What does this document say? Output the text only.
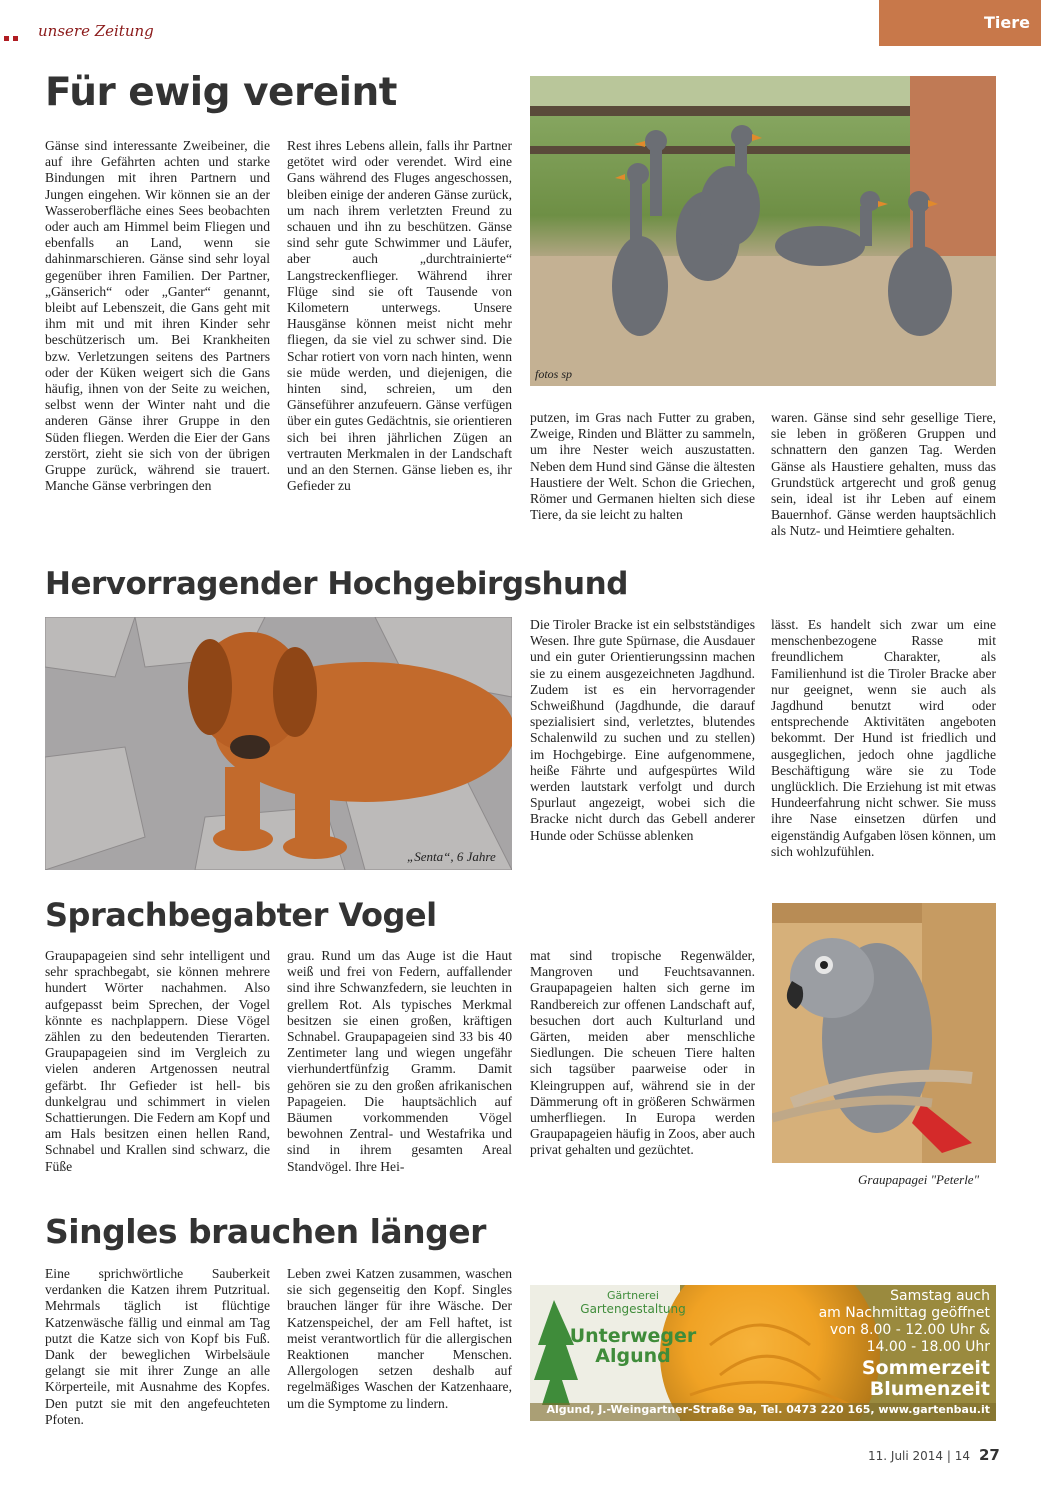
unsere Zeitung	Tiere
Für ewig vereint
Gänse sind interessante Zweibeiner, die auf ihre Gefährten achten und starke Bindungen mit ihren Partnern und Jungen eingehen. Wir können sie an der Wasseroberfläche eines Sees beobachten oder auch am Himmel beim Fliegen und ebenfalls an Land, wenn sie dahinmarschieren. Gänse sind sehr loyal gegenüber ihren Familien. Der Partner, „Gänserich“ oder „Ganter“ genannt, bleibt auf Lebenszeit, die Gans geht mit ihm mit und mit ihren Kinder sehr beschützerisch um. Bei Krankheiten bzw. Verletzungen seitens des Partners oder der Küken weigert sich die Gans häufig, ihnen von der Seite zu weichen, selbst wenn der Winter naht und die anderen Gänse ihrer Gruppe in den Süden fliegen. Werden die Eier der Gans zerstört, zieht sie sich von der übrigen Gruppe zurück, während sie trauert. Manche Gänse verbringen den
Rest ihres Lebens allein, falls ihr Partner getötet wird oder verendet. Wird eine Gans während des Fluges angeschossen, bleiben einige der anderen Gänse zurück, um nach ihrem verletzten Freund zu schauen und ihn zu beschützen. Gänse sind sehr gute Schwimmer und Läufer, aber auch „durchtrainierte“ Langstreckenflieger. Während ihrer Flüge sind sie oft Tausende von Kilometern unterwegs. Unsere Hausgänse können meist nicht mehr fliegen, da sie viel zu schwer sind. Die Schar rotiert von vorn nach hinten, wenn sie müde werden, und diejenigen, die hinten sind, schreien, um den Gänseführer anzufeuern. Gänse verfügen über ein gutes Gedächtnis, sie orientieren sich bei ihren jährlichen Zügen an vertrauten Merkmalen in der Landschaft und an den Sternen. Gänse lieben es, ihr Gefieder zu
fotos sp
putzen, im Gras nach Futter zu graben, Zweige, Rinden und Blätter zu sammeln, um ihre Nester weich auszustatten. Neben dem Hund sind Gänse die ältesten Haustiere der Welt. Schon die Griechen, Römer und Germanen hielten sich diese Tiere, da sie leicht zu halten
waren. Gänse sind sehr gesellige Tiere, sie leben in größeren Gruppen und schnattern den ganzen Tag. Werden Gänse als Haustiere gehalten, muss das Grundstück artgerecht und groß genug sein, ideal ist ihr Leben auf einem Bauernhof. Gänse werden hauptsächlich als Nutz- und Heimtiere gehalten.
Hervorragender Hochgebirgshund
„Senta“, 6 Jahre
Die Tiroler Bracke ist ein selbstständiges Wesen. Ihre gute Spürnase, die Ausdauer und ein guter Orientierungssinn machen sie zu einem ausgezeichneten Jagdhund. Zudem ist es ein hervorragender Schweißhund (Jagdhunde, die darauf spezialisiert sind, verletztes, blutendes Schalenwild zu suchen und zu stellen) im Hochgebirge. Eine aufgenommene, heiße Fährte und aufgespürtes Wild werden lautstark verfolgt und durch Spurlaut angezeigt, wobei sich die Bracke nicht durch das Gebell anderer Hunde oder Schüsse ablenken
lässt. Es handelt sich zwar um eine menschenbezogene Rasse mit freundlichem Charakter, als Familienhund ist die Tiroler Bracke aber nur geeignet, wenn sie auch als Jagdhund benutzt wird oder entsprechende Aktivitäten angeboten bekommt. Der Hund ist friedlich und ausgeglichen, jedoch ohne jagdliche Beschäftigung wäre sie zu Tode unglücklich. Die Erziehung ist mit etwas Hundeerfahrung nicht schwer. Sie muss ihre Nase einsetzen dürfen und eigenständig Aufgaben lösen können, um sich wohlzufühlen.
Sprachbegabter Vogel
Graupapageien sind sehr intelligent und sehr sprachbegabt, sie können mehrere hundert Wörter nachahmen. Also aufgepasst beim Sprechen, der Vogel könnte es nachplappern. Diese Vögel zählen zu den bedeutenden Tierarten. Graupapageien sind im Vergleich zu vielen anderen Artgenossen neutral gefärbt. Ihr Gefieder ist hell- bis dunkelgrau und schimmert in vielen Schattierungen. Die Federn am Kopf und am Hals besitzen einen hellen Rand, Schnabel und Krallen sind schwarz, die Füße
grau. Rund um das Auge ist die Haut weiß und frei von Federn, auffallender sind ihre Schwanzfedern, sie leuchten in grellem Rot. Als typisches Merkmal besitzen sie einen großen, kräftigen Schnabel. Graupapageien sind 33 bis 40 Zentimeter lang und wiegen ungefähr vierhundertfünfzig Gramm. Damit gehören sie zu den großen afrikanischen Papageien. Die hauptsächlich auf Bäumen vorkommenden Vögel bewohnen Zentral- und Westafrika und sind in ihrem gesamten Areal Standvögel. Ihre Hei-
mat sind tropische Regenwälder, Mangroven und Feuchtsavannen. Graupapageien halten sich gerne im Randbereich zur offenen Landschaft auf, besuchen dort auch Kulturland und Gärten, meiden aber menschliche Siedlungen. Die scheuen Tiere halten sich tagsüber paarweise oder in Kleingruppen auf, während sie in der Dämmerung oft in größeren Schwärmen umherfliegen. In Europa werden Graupapageien häufig in Zoos, aber auch privat gehalten und gezüchtet.
Graupapagei "Peterle"
Singles brauchen länger
Eine sprichwörtliche Sauberkeit verdanken die Katzen ihrem Putzritual. Mehrmals täglich ist flüchtige Katzenwäsche fällig und einmal am Tag putzt die Katze sich von Kopf bis Fuß. Dank der beweglichen Wirbelsäule gelangt sie mit ihrer Zunge an alle Körperteile, mit Ausnahme des Kopfes. Den putzt sie mit den angefeuchteten Pfoten.
Leben zwei Katzen zusammen, waschen sie sich gegenseitig den Kopf. Singles brauchen länger für ihre Wäsche. Der Katzenspeichel, der am Fell haftet, ist meist verantwortlich für die allergischen Reaktionen mancher Menschen. Allergologen setzen deshalb auf regelmäßiges Waschen der Katzenhaare, um die Symptome zu lindern.
Gärtnerei
Gartengestaltung
Unterweger
Algund
Samstag auch
am Nachmittag geöffnet
von 8.00 - 12.00 Uhr &
14.00 - 18.00 Uhr
Sommerzeit
Blumenzeit
Algund, J.-Weingartner-Straße 9a, Tel. 0473 220 165, www.gartenbau.it
11. Juli 2014 | 14 27
